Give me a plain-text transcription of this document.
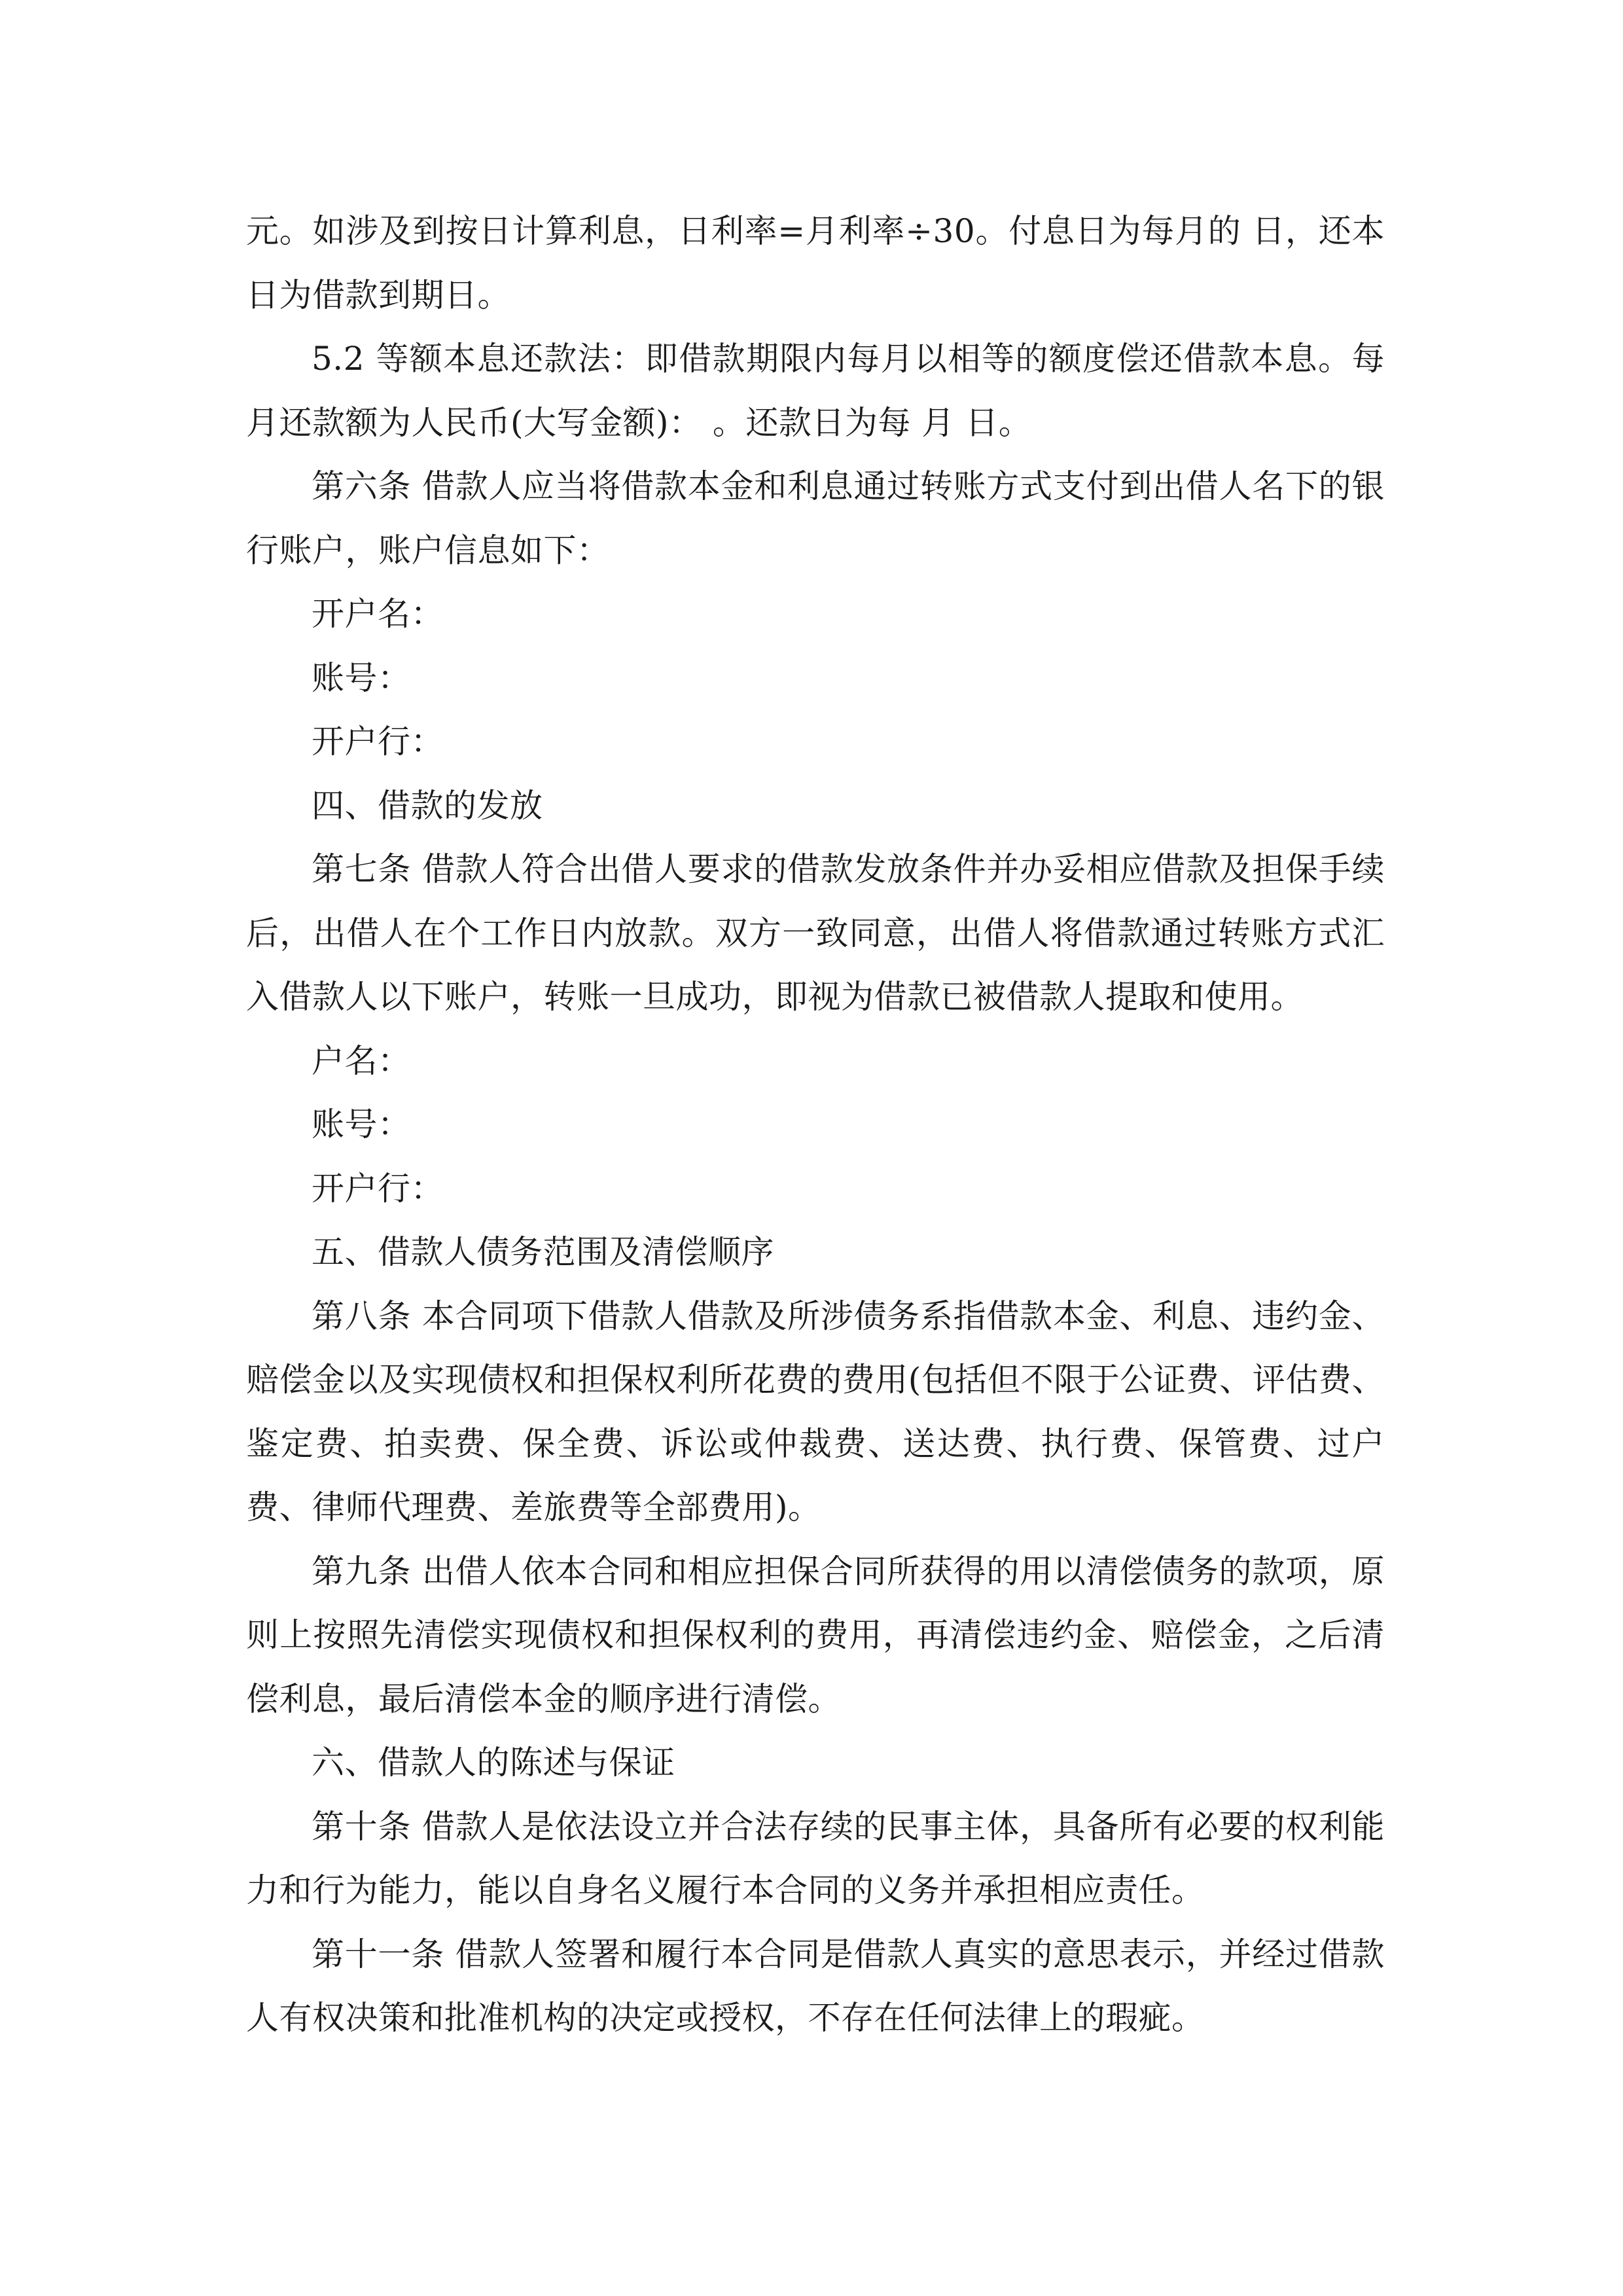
元。如涉及到按日计算利息，日利率=月利率÷30。付息日为每月的 日，还本日为借款到期日。

5.2 等额本息还款法：即借款期限内每月以相等的额度偿还借款本息。每月还款额为人民币(大写金额)： 。还款日为每 月 日。

第六条 借款人应当将借款本金和利息通过转账方式支付到出借人名下的银行账户，账户信息如下：

开户名：

账号：

开户行：

四、借款的发放

第七条 借款人符合出借人要求的借款发放条件并办妥相应借款及担保手续后，出借人在个工作日内放款。双方一致同意，出借人将借款通过转账方式汇入借款人以下账户，转账一旦成功，即视为借款已被借款人提取和使用。

户名：

账号：

开户行：

五、借款人债务范围及清偿顺序

第八条 本合同项下借款人借款及所涉债务系指借款本金、利息、违约金、赔偿金以及实现债权和担保权利所花费的费用(包括但不限于公证费、评估费、鉴定费、拍卖费、保全费、诉讼或仲裁费、送达费、执行费、保管费、过户费、律师代理费、差旅费等全部费用)。

第九条 出借人依本合同和相应担保合同所获得的用以清偿债务的款项，原则上按照先清偿实现债权和担保权利的费用，再清偿违约金、赔偿金，之后清偿利息，最后清偿本金的顺序进行清偿。

六、借款人的陈述与保证

第十条 借款人是依法设立并合法存续的民事主体，具备所有必要的权利能力和行为能力，能以自身名义履行本合同的义务并承担相应责任。

第十一条 借款人签署和履行本合同是借款人真实的意思表示，并经过借款人有权决策和批准机构的决定或授权，不存在任何法律上的瑕疵。
